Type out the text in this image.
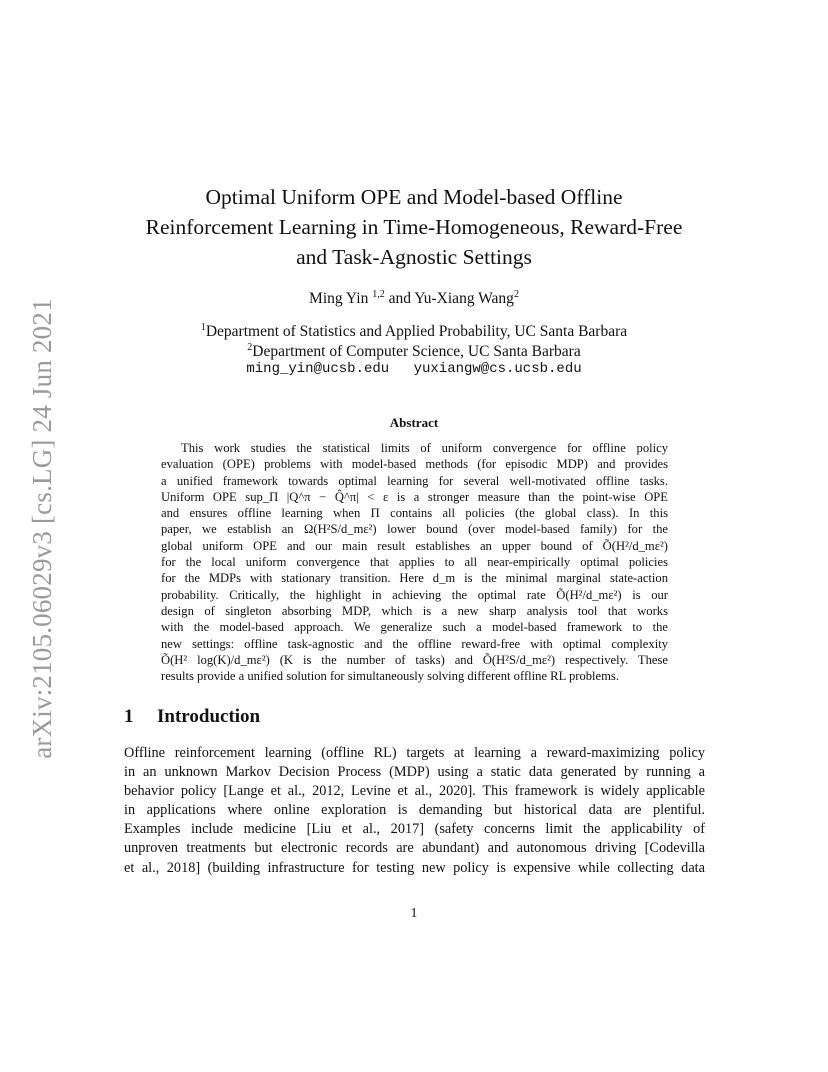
arXiv:2105.06029v3 [cs.LG] 24 Jun 2021
Optimal Uniform OPE and Model-based Offline
Reinforcement Learning in Time-Homogeneous, Reward-Free
and Task-Agnostic Settings
Ming Yin $^{1,2}$ and Yu-Xiang Wang$^2$
$^1$Department of Statistics and Applied Probability, UC Santa Barbara
$^2$Department of Computer Science, UC Santa Barbara
ming_yin@ucsb.edu yuxiangw@cs.ucsb.edu
Abstract
This work studies the statistical limits of uniform convergence for offline policy
evaluation (OPE) problems with model-based methods (for episodic MDP) and provides
a unified framework towards optimal learning for several well-motivated offline tasks.
Uniform OPE sup_Π |Q^π − Q̂^π| < ε is a stronger measure than the point-wise OPE
and ensures offline learning when Π contains all policies (the global class). In this
paper, we establish an Ω(H²S/d_mε²) lower bound (over model-based family) for the
global uniform OPE and our main result establishes an upper bound of Õ(H²/d_mε²)
for the local uniform convergence that applies to all near-empirically optimal policies
for the MDPs with stationary transition. Here d_m is the minimal marginal state-action
probability. Critically, the highlight in achieving the optimal rate Õ(H²/d_mε²) is our
design of singleton absorbing MDP, which is a new sharp analysis tool that works
with the model-based approach. We generalize such a model-based framework to the
new settings: offline task-agnostic and the offline reward-free with optimal complexity
Õ(H² log(K)/d_mε²) (K is the number of tasks) and Õ(H²S/d_mε²) respectively. These
results provide a unified solution for simultaneously solving different offline RL problems.
1 Introduction
Offline reinforcement learning (offline RL) targets at learning a reward-maximizing policy
in an unknown Markov Decision Process (MDP) using a static data generated by running a
behavior policy [Lange et al., 2012, Levine et al., 2020]. This framework is widely applicable
in applications where online exploration is demanding but historical data are plentiful.
Examples include medicine [Liu et al., 2017] (safety concerns limit the applicability of
unproven treatments but electronic records are abundant) and autonomous driving [Codevilla
et al., 2018] (building infrastructure for testing new policy is expensive while collecting data
1
